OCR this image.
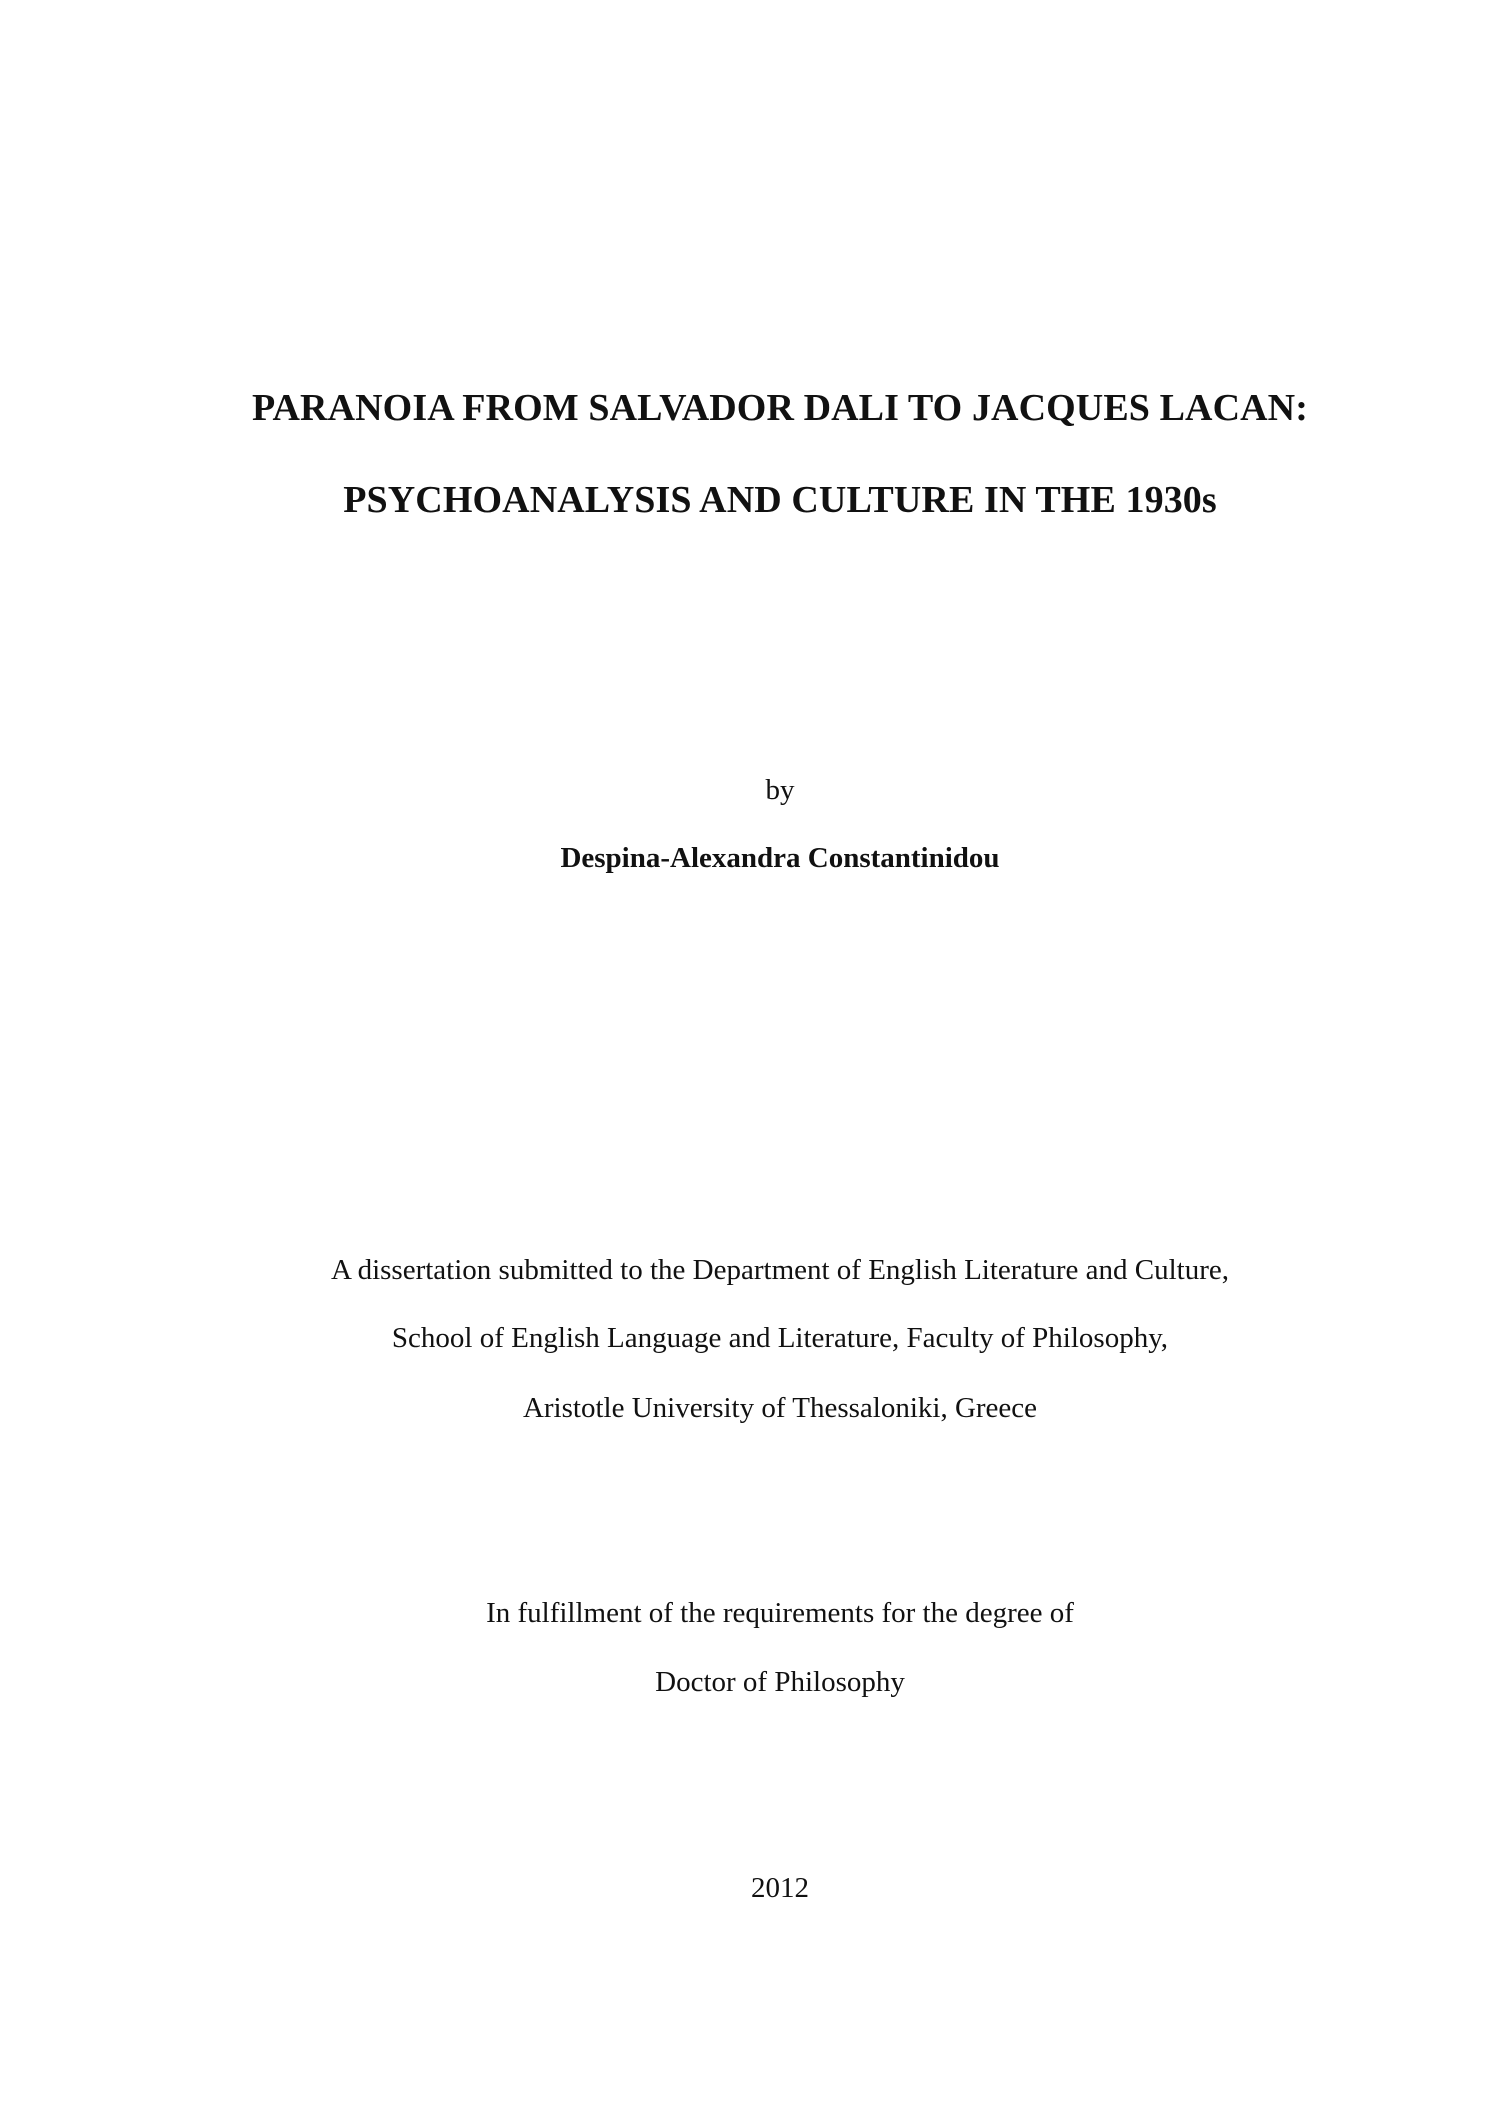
PARANOIA FROM SALVADOR DALI TO JACQUES LACAN:
PSYCHOANALYSIS AND CULTURE IN THE 1930s
by
Despina-Alexandra Constantinidou
A dissertation submitted to the Department of English Literature and Culture,
School of English Language and Literature, Faculty of Philosophy,
Aristotle University of Thessaloniki, Greece
In fulfillment of the requirements for the degree of
Doctor of Philosophy
2012
